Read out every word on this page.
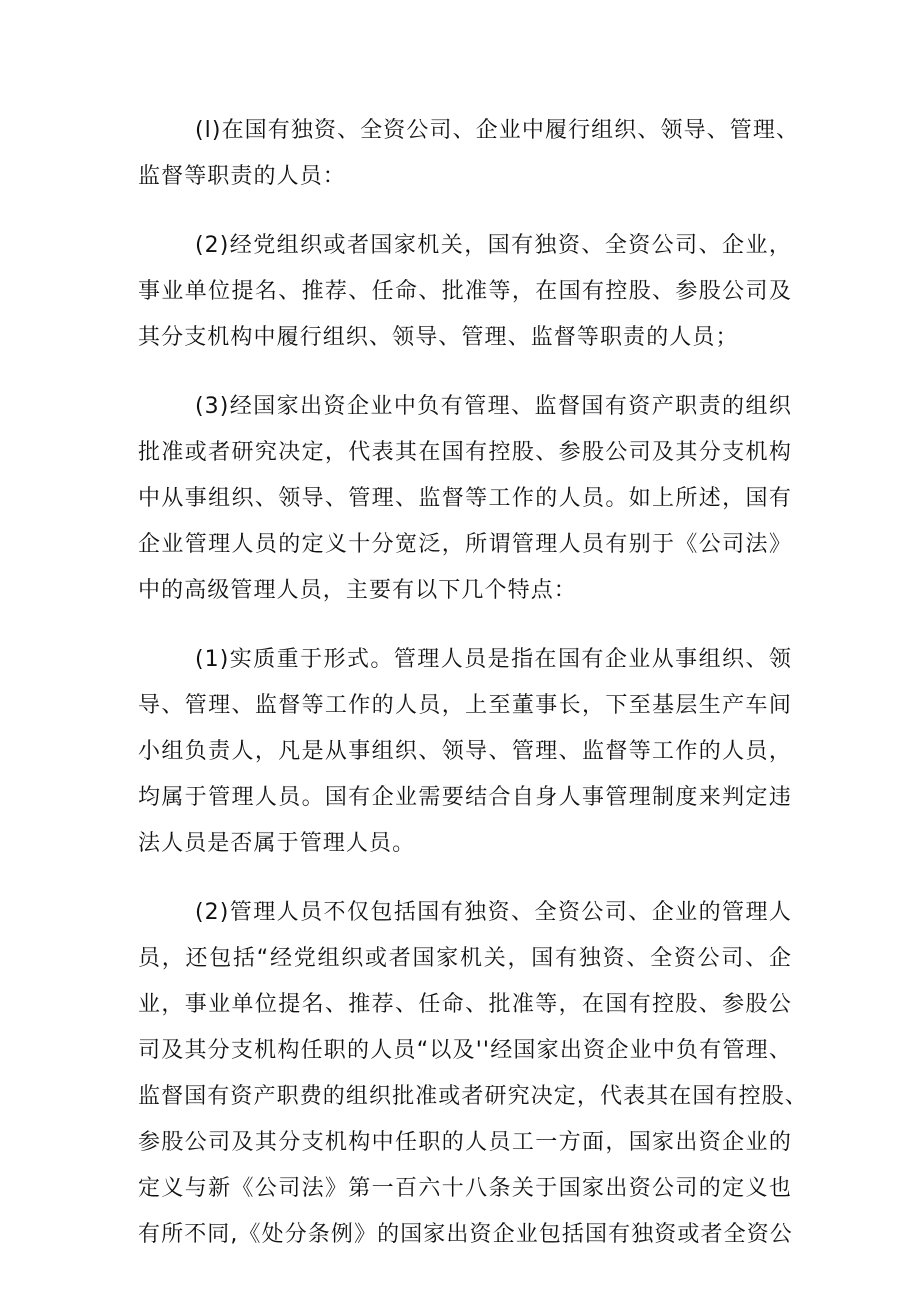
(l)在国有独资、全资公司、企业中履行组织、领导、管理、
监督等职责的人员：

(2)经党组织或者国家机关，国有独资、全资公司、企业，
事业单位提名、推荐、任命、批准等，在国有控股、参股公司及
其分支机构中履行组织、领导、管理、监督等职责的人员；

(3)经国家出资企业中负有管理、监督国有资产职责的组织
批准或者研究决定，代表其在国有控股、参股公司及其分支机构
中从事组织、领导、管理、监督等工作的人员。如上所述，国有
企业管理人员的定义十分宽泛，所谓管理人员有别于《公司法》
中的高级管理人员，主要有以下几个特点：

(1)实质重于形式。管理人员是指在国有企业从事组织、领
导、管理、监督等工作的人员，上至董事长，下至基层生产车间
小组负责人，凡是从事组织、领导、管理、监督等工作的人员，
均属于管理人员。国有企业需要结合自身人事管理制度来判定违
法人员是否属于管理人员。

(2)管理人员不仅包括国有独资、全资公司、企业的管理人
员，还包括“经党组织或者国家机关，国有独资、全资公司、企
业，事业单位提名、推荐、任命、批准等，在国有控股、参股公
司及其分支机构任职的人员“以及''经国家出资企业中负有管理、
监督国有资产职费的组织批准或者研究决定，代表其在国有控股、
参股公司及其分支机构中任职的人员工一方面，国家出资企业的
定义与新《公司法》第一百六十八条关于国家出资公司的定义也
有所不同,《处分条例》的国家出资企业包括国有独资或者全资公
